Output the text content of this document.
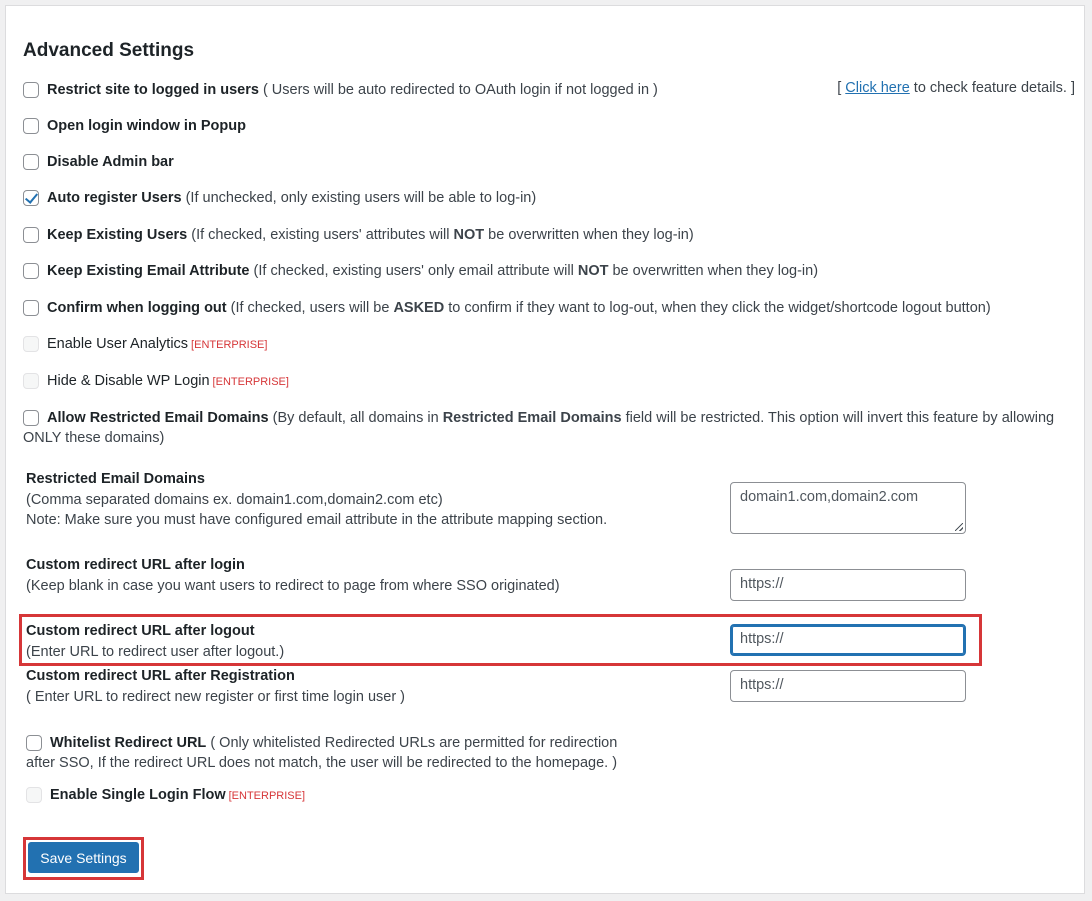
Advanced Settings
Restrict site to logged in users ( Users will be auto redirected to OAuth login if not logged in )	[ Click here to check feature details. ]
Open login window in Popup
Disable Admin bar
Auto register Users (If unchecked, only existing users will be able to log-in)
Keep Existing Users (If checked, existing users' attributes will NOT be overwritten when they log-in)
Keep Existing Email Attribute (If checked, existing users' only email attribute will NOT be overwritten when they log-in)
Confirm when logging out (If checked, users will be ASKED to confirm if they want to log-out, when they click the widget/shortcode logout button)
Enable User Analytics [ENTERPRISE]
Hide & Disable WP Login [ENTERPRISE]
Allow Restricted Email Domains (By default, all domains in Restricted Email Domains field will be restricted. This option will invert this feature by allowing ONLY these domains)
Restricted Email Domains
(Comma separated domains ex. domain1.com,domain2.com etc)
Note: Make sure you must have configured email attribute in the attribute mapping section.
domain1.com,domain2.com
Custom redirect URL after login
(Keep blank in case you want users to redirect to page from where SSO originated)	https://
Custom redirect URL after logout
(Enter URL to redirect user after logout.)
https://
Custom redirect URL after Registration
( Enter URL to redirect new register or first time login user )
https://
Whitelist Redirect URL ( Only whitelisted Redirected URLs are permitted for redirection after SSO, If the redirect URL does not match, the user will be redirected to the homepage. )
Enable Single Login Flow [ENTERPRISE]
Save Settings
